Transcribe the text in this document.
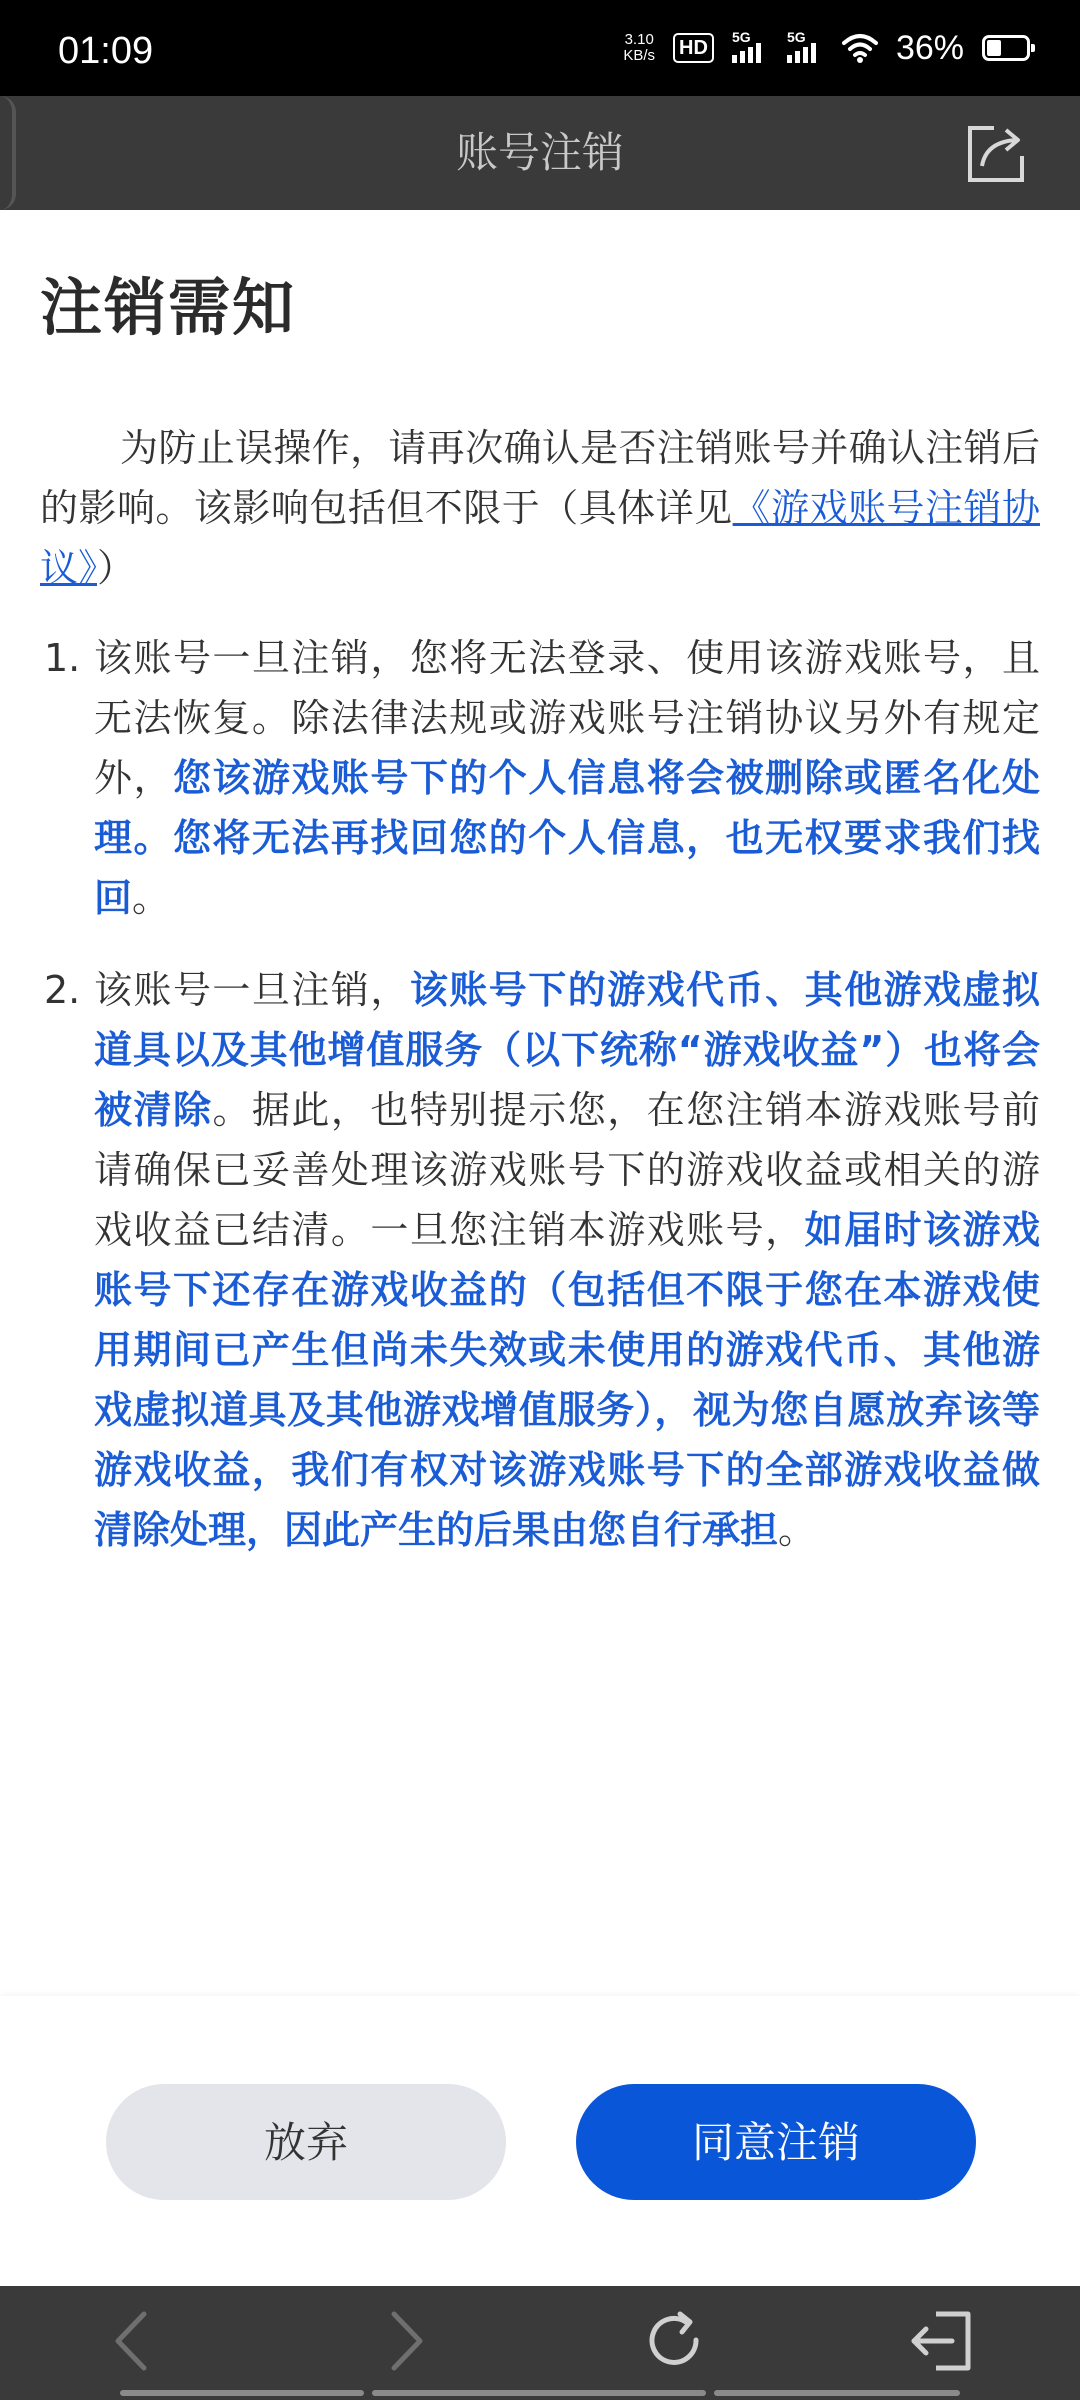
01:09	3.10
KB/s	HD	5G	5G	36%
账号注销
注销需知

为防止误操作，请再次确认是否注销账号并确认注销后的影响。该影响包括但不限于（具体详见《游戏账号注销协议》）

1. 该账号一旦注销，您将无法登录、使用该游戏账号，且无法恢复。除法律法规或游戏账号注销协议另外有规定外，您该游戏账号下的个人信息将会被删除或匿名化处理。您将无法再找回您的个人信息，也无权要求我们找回。
2. 该账号一旦注销，该账号下的游戏代币、其他游戏虚拟道具以及其他增值服务（以下统称“游戏收益”）也将会被清除。据此，也特别提示您，在您注销本游戏账号前请确保已妥善处理该游戏账号下的游戏收益或相关的游戏收益已结清。一旦您注销本游戏账号，如届时该游戏账号下还存在游戏收益的（包括但不限于您在本游戏使用期间已产生但尚未失效或未使用的游戏代币、其他游戏虚拟道具及其他游戏增值服务），视为您自愿放弃该等游戏收益，我们有权对该游戏账号下的全部游戏收益做清除处理，因此产生的后果由您自行承担。
放弃	同意注销
